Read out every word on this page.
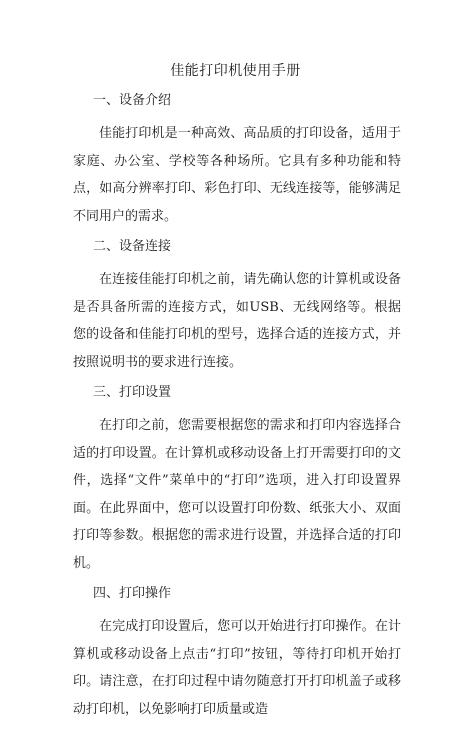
佳能打印机使用手册
一、设备介绍

佳能打印机是一种高效、高品质的打印设备，适用于家庭、办公室、学校等各种场所。它具有多种功能和特点，如高分辨率打印、彩色打印、无线连接等，能够满足不同用户的需求。

二、设备连接

在连接佳能打印机之前，请先确认您的计算机或设备是否具备所需的连接方式，如USB、无线网络等。根据您的设备和佳能打印机的型号，选择合适的连接方式，并按照说明书的要求进行连接。

三、打印设置

在打印之前，您需要根据您的需求和打印内容选择合适的打印设置。在计算机或移动设备上打开需要打印的文件，选择“文件”菜单中的“打印”选项，进入打印设置界面。在此界面中，您可以设置打印份数、纸张大小、双面打印等参数。根据您的需求进行设置，并选择合适的打印机。

四、打印操作

在完成打印设置后，您可以开始进行打印操作。在计算机或移动设备上点击“打印”按钮，等待打印机开始打印。请注意，在打印过程中请勿随意打开打印机盖子或移动打印机，以免影响打印质量或造
